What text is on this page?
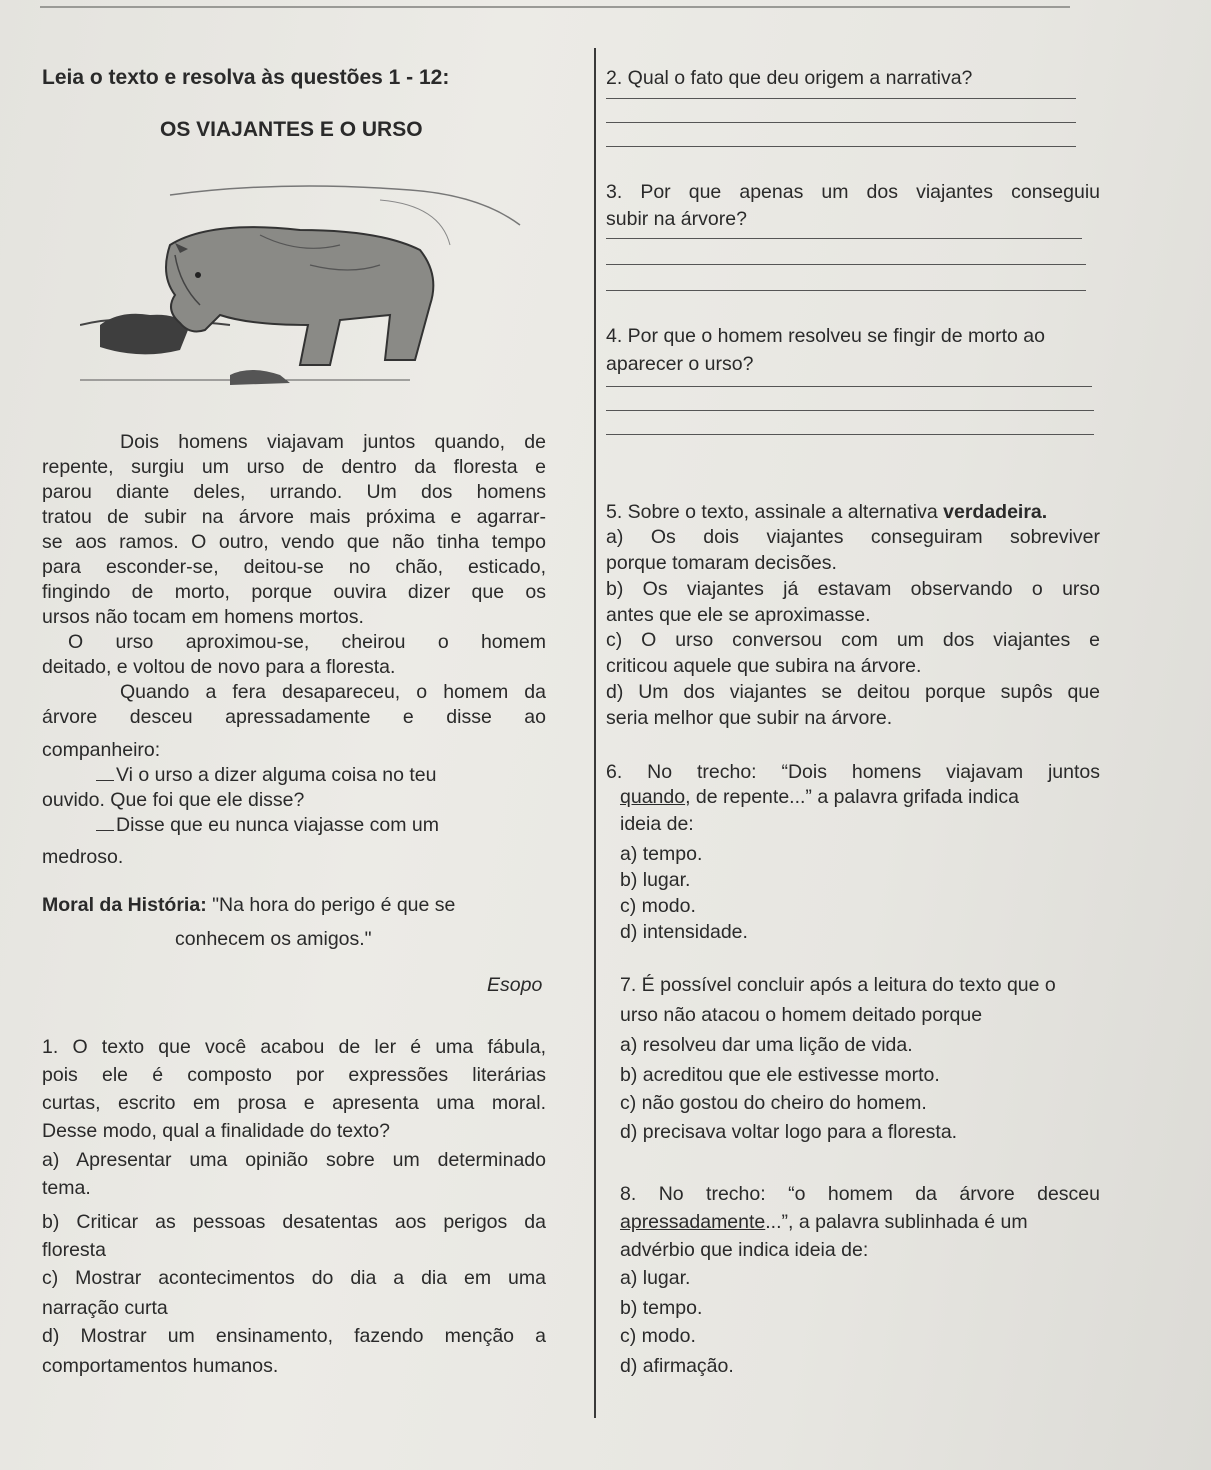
Leia o texto e resolva às questões 1 - 12:
OS VIAJANTES E O URSO
Dois homens viajavam juntos quando, de
repente, surgiu um urso de dentro da floresta e
parou diante deles, urrando. Um dos homens
tratou de subir na árvore mais próxima e agarrar-
se aos ramos. O outro, vendo que não tinha tempo
para esconder-se, deitou-se no chão, esticado,
fingindo de morto, porque ouvira dizer que os
ursos não tocam em homens mortos.
O urso aproximou-se, cheirou o homem
deitado, e voltou de novo para a floresta.
Quando a fera desapareceu, o homem da
árvore desceu apressadamente e disse ao
companheiro:
Vi o urso a dizer alguma coisa no teu
ouvido. Que foi que ele disse?
Disse que eu nunca viajasse com um
medroso.
Moral da História: "Na hora do perigo é que se
conhecem os amigos."
Esopo
1. O texto que você acabou de ler é uma fábula,
pois ele é composto por expressões literárias
curtas, escrito em prosa e apresenta uma moral.
Desse modo, qual a finalidade do texto?
a) Apresentar uma opinião sobre um determinado
tema.
b) Criticar as pessoas desatentas aos perigos da
floresta
c) Mostrar acontecimentos do dia a dia em uma
narração curta
d) Mostrar um ensinamento, fazendo menção a
comportamentos humanos.
2. Qual o fato que deu origem a narrativa?
3. Por que apenas um dos viajantes conseguiu
subir na árvore?
4. Por que o homem resolveu se fingir de morto ao
aparecer o urso?
5. Sobre o texto, assinale a alternativa verdadeira.
a) Os dois viajantes conseguiram sobreviver
porque tomaram decisões.
b) Os viajantes já estavam observando o urso
antes que ele se aproximasse.
c) O urso conversou com um dos viajantes e
criticou aquele que subira na árvore.
d) Um dos viajantes se deitou porque supôs que
seria melhor que subir na árvore.
6. No trecho: “Dois homens viajavam juntos
quando, de repente...” a palavra grifada indica
ideia de:
a) tempo.
b) lugar.
c) modo.
d) intensidade.
7. É possível concluir após a leitura do texto que o
urso não atacou o homem deitado porque
a) resolveu dar uma lição de vida.
b) acreditou que ele estivesse morto.
c) não gostou do cheiro do homem.
d) precisava voltar logo para a floresta.
8. No trecho: “o homem da árvore desceu
apressadamente...”, a palavra sublinhada é um
advérbio que indica ideia de:
a) lugar.
b) tempo.
c) modo.
d) afirmação.
